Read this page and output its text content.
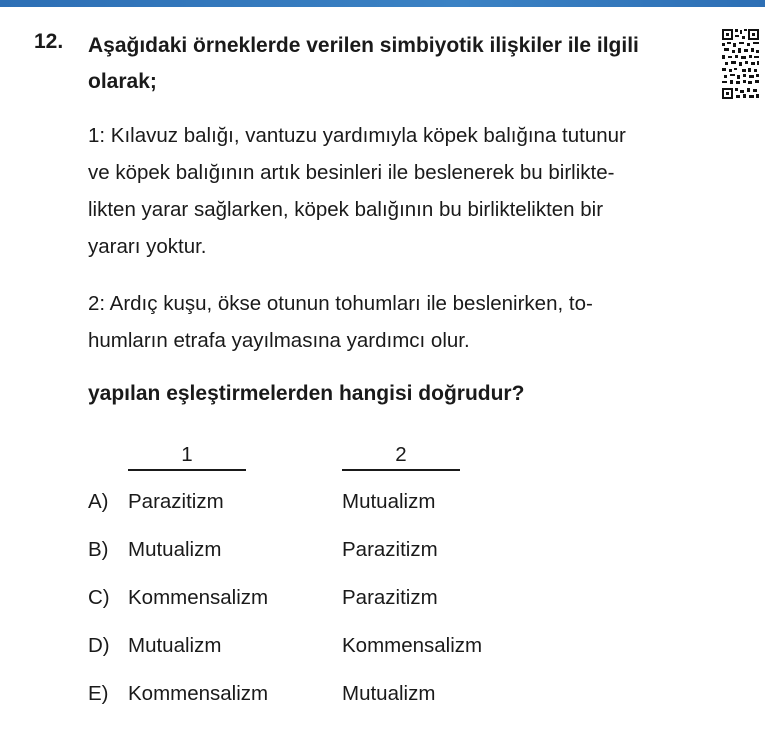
12. Aşağıdaki örneklerde verilen simbiyotik ilişkiler ile ilgili
olarak;
1: Kılavuz balığı, vantuzu yardımıyla köpek balığına tutunur
ve köpek balığının artık besinleri ile beslenerek bu birlikte-
likten yarar sağlarken, köpek balığının bu birliktelikten bir
yararı yoktur.
2: Ardıç kuşu, ökse otunun tohumları ile beslenirken, to-
humların etrafa yayılmasına yardımcı olur.
yapılan eşleştirmelerden hangisi doğrudur?
1	2
A) Parazitizm	Mutualizm
B) Mutualizm	Parazitizm
C) Kommensalizm	Parazitizm
D) Mutualizm	Kommensalizm
E) Kommensalizm	Mutualizm
